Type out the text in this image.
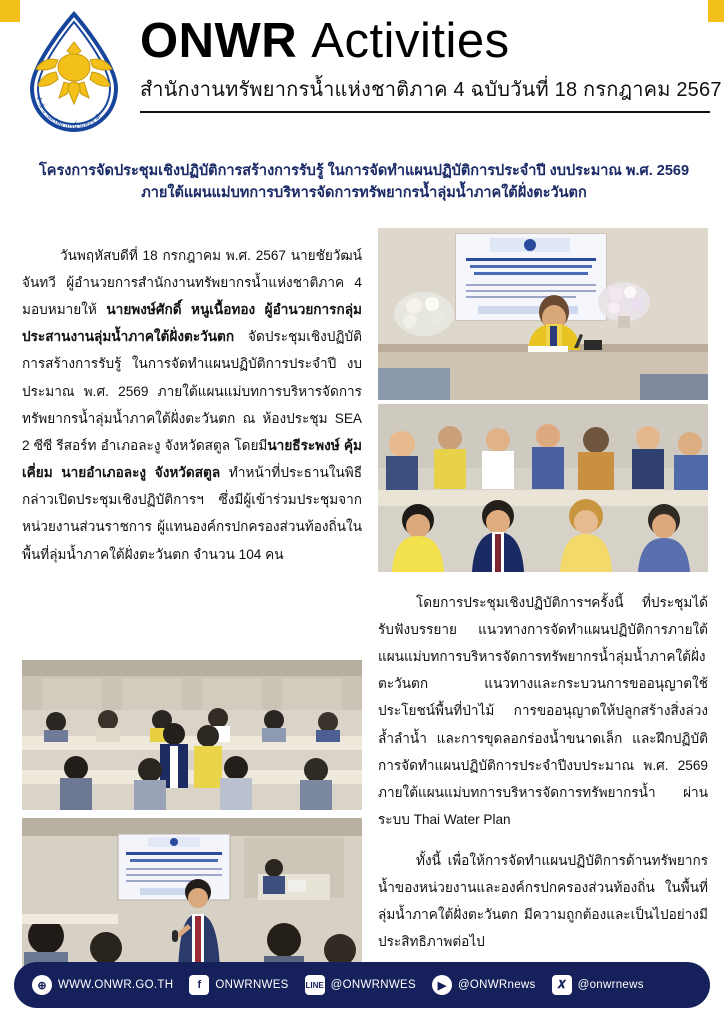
สำนักงานทรัพยากรน้ำแห่งชาติ
ONWR Activities
สำนักงานทรัพยากรน้ำแห่งชาติภาค 4 ฉบับวันที่ 18 กรกฎาคม 2567
โครงการจัดประชุมเชิงปฏิบัติการสร้างการรับรู้ ในการจัดทำแผนปฏิบัติการประจำปี งบประมาณ พ.ศ. 2569
ภายใต้แผนแม่บทการบริหารจัดการทรัพยากรน้ำลุ่มน้ำภาคใต้ฝั่งตะวันตก

วันพฤหัสบดีที่ 18 กรกฎาคม พ.ศ. 2567 นายชัยวัฒน์ จันทวี ผู้อำนวยการสำนักงานทรัพยากรน้ำแห่งชาติภาค 4 มอบหมายให้ นายพงษ์ศักดิ์ หนูเนื้อทอง ผู้อำนวยการกลุ่มประสานงานลุ่มน้ำภาคใต้ฝั่งตะวันตก จัดประชุมเชิงปฏิบัติการสร้างการรับรู้ ในการจัดทำแผนปฏิบัติการประจำปี งบประมาณ พ.ศ. 2569 ภายใต้แผนแม่บทการบริหารจัดการทรัพยากรน้ำลุ่มน้ำภาคใต้ฝั่งตะวันตก ณ ห้องประชุม SEA 2 ซีซี รีสอร์ท อำเภอละงู จังหวัดสตูล โดยมีนายธีระพงษ์ คุ้มเคี่ยม นายอำเภอละงู จังหวัดสตูล ทำหน้าที่ประธานในพิธีกล่าวเปิดประชุมเชิงปฏิบัติการฯ ซึ่งมีผู้เข้าร่วมประชุมจากหน่วยงานส่วนราชการ ผู้แทนองค์กรปกครองส่วนท้องถิ่นในพื้นที่ลุ่มน้ำภาคใต้ฝั่งตะวันตก จำนวน 104 คน

โดยการประชุมเชิงปฏิบัติการฯครั้งนี้ ที่ประชุมได้รับฟังบรรยาย แนวทางการจัดทำแผนปฏิบัติการภายใต้แผนแม่บทการบริหารจัดการทรัพยากรน้ำลุ่มน้ำภาคใต้ฝั่งตะวันตก แนวทางและกระบวนการขออนุญาตใช้ประโยชน์พื้นที่ป่าไม้ การขออนุญาตให้ปลูกสร้างสิ่งล่วงล้ำลำน้ำ และการขุดลอกร่องน้ำขนาดเล็ก และฝึกปฏิบัติการจัดทำแผนปฏิบัติการประจำปีงบประมาณ พ.ศ. 2569 ภายใต้แผนแม่บทการบริหารจัดการทรัพยากรน้ำ ผ่านระบบ Thai Water Plan

ทั้งนี้ เพื่อให้การจัดทำแผนปฏิบัติการด้านทรัพยากรน้ำของหน่วยงานและองค์กรปกครองส่วนท้องถิ่น ในพื้นที่ ลุ่มน้ำภาคใต้ฝั่งตะวันตก มีความถูกต้องและเป็นไปอย่างมีประสิทธิภาพต่อไป

⊕ WWW.ONWR.GO.TH	f	ONWRNWES LINE @ONWRNWES	▶	@ONWRnews	𝑿	@onwrnews
